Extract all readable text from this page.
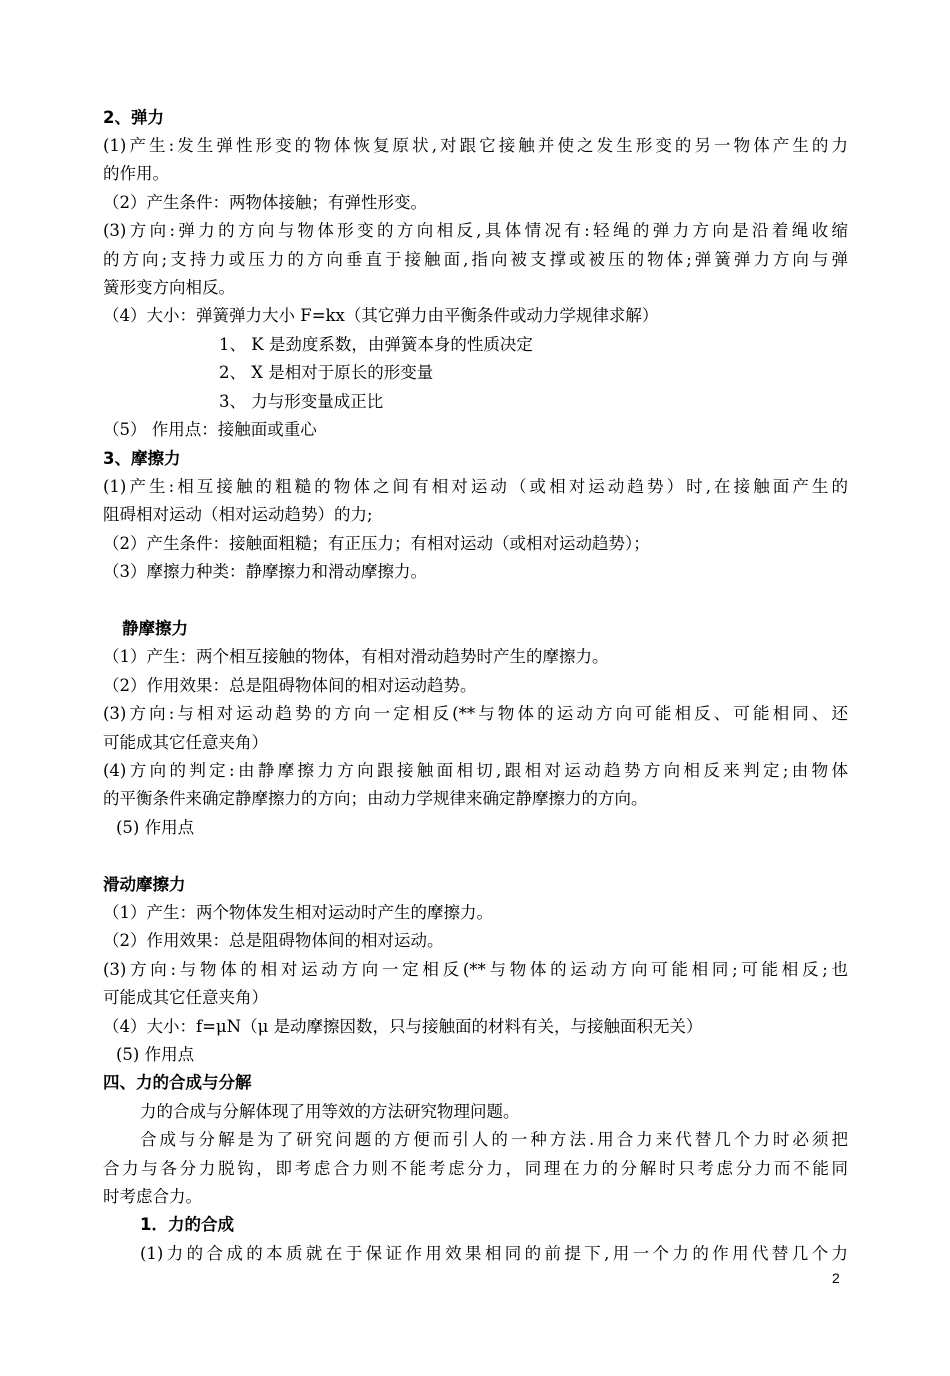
2、弹力
(1)产生:发生弹性形变的物体恢复原状,对跟它接触并使之发生形变的另一物体产生的力
的作用。
（2）产生条件：两物体接触；有弹性形变。
(3)方向:弹力的方向与物体形变的方向相反,具体情况有:轻绳的弹力方向是沿着绳收缩
的方向;支持力或压力的方向垂直于接触面,指向被支撑或被压的物体;弹簧弹力方向与弹
簧形变方向相反。
（4）大小：弹簧弹力大小 F=kx（其它弹力由平衡条件或动力学规律求解）
1、 K 是劲度系数，由弹簧本身的性质决定
2、 X 是相对于原长的形变量
3、 力与形变量成正比
（5） 作用点：接触面或重心
3、摩擦力
(1)产生:相互接触的粗糙的物体之间有相对运动（或相对运动趋势）时,在接触面产生的
阻碍相对运动（相对运动趋势）的力;
（2）产生条件：接触面粗糙；有正压力；有相对运动（或相对运动趋势）；
（3）摩擦力种类：静摩擦力和滑动摩擦力。
静摩擦力
（1）产生：两个相互接触的物体，有相对滑动趋势时产生的摩擦力。
（2）作用效果：总是阻碍物体间的相对运动趋势。
(3)方向:与相对运动趋势的方向一定相反(**与物体的运动方向可能相反、可能相同、还
可能成其它任意夹角）
(4)方向的判定:由静摩擦力方向跟接触面相切,跟相对运动趋势方向相反来判定;由物体
的平衡条件来确定静摩擦力的方向；由动力学规律来确定静摩擦力的方向。
(5) 作用点
滑动摩擦力
（1）产生：两个物体发生相对运动时产生的摩擦力。
（2）作用效果：总是阻碍物体间的相对运动。
(3)方向:与物体的相对运动方向一定相反(**与物体的运动方向可能相同;可能相反;也
可能成其它任意夹角）
（4）大小：f=μN（μ 是动摩擦因数，只与接触面的材料有关，与接触面积无关）
(5) 作用点
四、力的合成与分解
力的合成与分解体现了用等效的方法研究物理问题。
合成与分解是为了研究问题的方便而引人的一种方法.用合力来代替几个力时必须把
合力与各分力脱钩，即考虑合力则不能考虑分力，同理在力的分解时只考虑分力而不能同
时考虑合力。
1．力的合成
(1)力的合成的本质就在于保证作用效果相同的前提下,用一个力的作用代替几个力
2
